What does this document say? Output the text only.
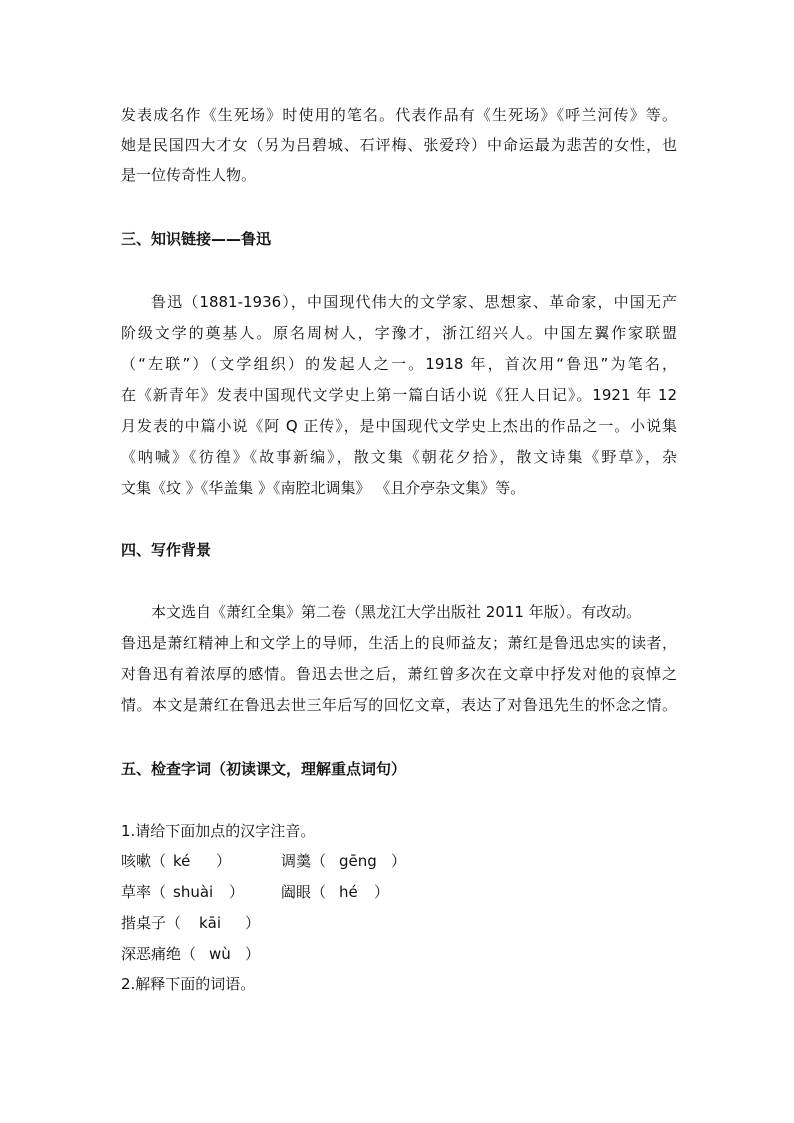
发表成名作《生死场》时使用的笔名。代表作品有《生死场》《呼兰河传》等。
她是民国四大才女（另为吕碧城、石评梅、张爱玲）中命运最为悲苦的女性，也
是一位传奇性人物。
三、知识链接——鲁迅
鲁迅（1881-1936），中国现代伟大的文学家、思想家、革命家，中国无产
阶级文学的奠基人。原名周树人，字豫才，浙江绍兴人。中国左翼作家联盟
（“左联”）（文学组织）的发起人之一。1918 年，首次用“鲁迅”为笔名，
在《新青年》发表中国现代文学史上第一篇白话小说《狂人日记》。1921 年 12
月发表的中篇小说《阿 Q 正传》，是中国现代文学史上杰出的作品之一。小说集
《呐喊》《彷徨》《故事新编》，散文集《朝花夕拾》，散文诗集《野草》，杂
文集《坟 》《华盖集 》《南腔北调集》 《且介亭杂文集》等。
四、写作背景
本文选自《萧红全集》第二卷（黑龙江大学出版社 2011 年版）。有改动。
鲁迅是萧红精神上和文学上的导师，生活上的良师益友；萧红是鲁迅忠实的读者，
对鲁迅有着浓厚的感情。鲁迅去世之后，萧红曾多次在文章中抒发对他的哀悼之
情。本文是萧红在鲁迅去世三年后写的回忆文章，表达了对鲁迅先生的怀念之情。
五、检查字词（初读课文，理解重点词句）
1.请给下面加点的汉字注音。
咳嗽（ ké ）	调羹（ gēng ）
草率（ shuài ） 阖眼（ hé ）
揩桌子（ kāi ）
深恶痛绝（ wù ）
2.解释下面的词语。
